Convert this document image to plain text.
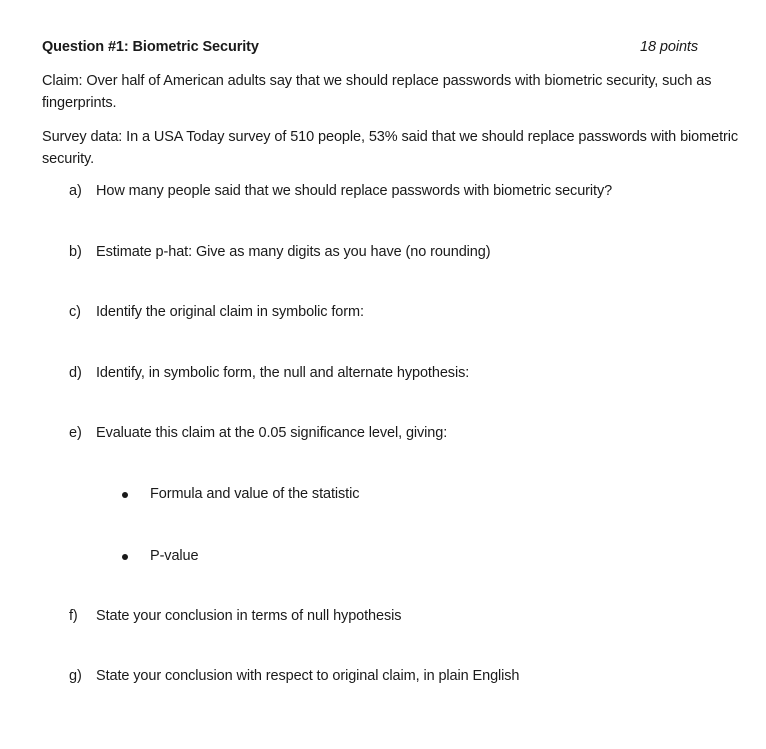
Question #1: Biometric Security	18 points
Claim: Over half of American adults say that we should replace passwords with biometric security, such as fingerprints.
Survey data: In a USA Today survey of 510 people, 53% said that we should replace passwords with biometric security.
a) How many people said that we should replace passwords with biometric security?
b) Estimate p-hat: Give as many digits as you have (no rounding)
c) Identify the original claim in symbolic form:
d) Identify, in symbolic form, the null and alternate hypothesis:
e) Evaluate this claim at the 0.05 significance level, giving:
Formula and value of the statistic
P-value
f) State your conclusion in terms of null hypothesis
g) State your conclusion with respect to original claim, in plain English
